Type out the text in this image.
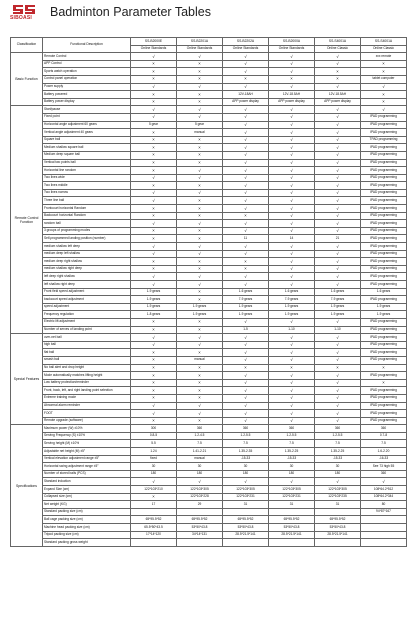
SIBOASI Badminton Parameter Tables
Classification	Functional Description	SS-B2000E	SS-B2201A	SS-B2202A	SS-B2000A	SS-S4001A	SS-S4001A
		Online Standards	Online Standards	Online Standards	Online Standards	Online Classic	Online Classic
Basic Function	Remote Control	√	√	√	√	√	xxx remote
	APP Control	×	×	√	√	√	×
	Sports watch operation	×	×	√	√	×	×
	Control panel operation	×	×	×	×	×	tablet computer
	Power supply	√	√	√	√	√	√
	Battery powered	×	×	12V-18AH	12V-18.5AH	12V-18.5AH	×
	Battery power display	×	×	APP power display	APP power display	APP power display	×
Remote Control Function	Start/pause	√	√	√	√	√	√
	Fixed point	√	√	√	√	√	IPAD programming
	Horizontal angle adjustment 60 gears	5 gear	5 gear	√	√	√	IPAD programming
	Vertical angle adjustment 40 gears	×	manual	√	√	√	IPAD programming
	Square ball	×	×	√	√	√	TPAD programming
	Medium shallow square ball	×	×	√	√	√	IPAD programming
	Medium deep square ball	×	×	√	√	√	IPAD programming
	Vertical two points ball	×	×	√	√	√	IPAD programming
	Horizontal line random	×	√	√	√	√	IPAD programming
	Two lines wide	√	√	√	√	√	IPAD programming
	Two lines middle	×	×	√	√	√	IPAD programming
	Two lines narrow	√	√	√	√	√	IPAD programming
	Three line ball	√	×	√	√	√	IPAD programming
	Frontcourt horizontal Random	×	×	√	√	√	IPAD programming
	Backcourt horizontal Random	×	×	×	√	√	IPAD programming
	random ball	√	√	√	√	√	IPAD programming
	3 groups of programming modes	×	×	√	√	√	IPAD programming
	Self-programmed landing position (number)	×	×	11	14	21	IPAD programming
	medium shallow left deep	√	√	√	√	√	IPAD programming
	medium deep left shallow	√	√	√	√	√	IPAD programming
	medium deep right shallow	×	×	×	√	√	IPAD programming
	medium shallow right deep	×	×	×	√	√	IPAD programming
	left deep right shallow	√	√	√	√	√	IPAD programming
	left shallow right deep	√	√	√	√	√	IPAD programming
	Front field speed adjustment	1-9 gears	×	1-6 gears	1-6 gears	1-6 gears	1-6 gears
	backcourt speed adjustment	1-9 gears	×	7-9 gears	7-9 gears	7-9 gears	IPAD programming
	speed adjustment	1-9 gears	1-9 gears	1-9 gears	1-9 gears	1-9 gears	1-9 gears
	Frequency regulation	1-8 gears	1-9 gears	1-9 gears	1-9 gears	1-9 gears	1-9 gears
	Electric lift adjustment	×	×	√	√	√	IPAD programming
	Number of serves of landing point	×	×	1-5	1-10	1-10	IPAD programming
Special Features	over-net ball	√	√	√	√	√	IPAD programming
	high ball	√	√	√	√	√	IPAD programming
	flat ball	×	×	√	√	√	IPAD programming
	smash ball	×	manual	√	√	√	IPAD programming
	No ball alert and drop height	×	×	×	×	×	×
	Mode automatically matches lifting height	×	×	√	√	√	IPAD programming
	Low battery protection/reminder	×	×	√	√	√	×
	Front, back, left, and right landing point selection	×	×	√	√	√	IPAD programming
	Extreme training mode	×	×	√	√	√	IPAD programming
	Abnormal alarm reminder	√	√	√	√	√	IPAD programming
	FOOT	√	√	√	√	√	IPAD programming
	Remote upgrade (software)	×	×	√	√	√	IPAD programming
Specifications	Maximum power (W) ±10%	300	360	360	360	360	360
	Serving Frequency (S) ±10%	0.8-5	1.2-4.5	1.2-5.5	1.2-5.5	1.2-5.5	0.7-8
	Serving height (M) ±10%	5.5	7.5	7.5	7.5	7.5	7.5
	Adjustable net height (M) ±5°	1.24	1.41-2.21	1.35-2.35	1.35-2.25	1.35-2.25	1.6-2.20
	Vertical elevation adjustment range ±5°	fixed	manual	-15-33	-15-33	-15-33	-16-33
	Horizontal swing adjustment range ±5°	30	30	30	30	30	See 73 high 55
	Number of stored balls (PCS)	180	180	180	180	180	360
	Standard induction	√	√	√	√	√	√
	Expand Size (cm)	122*103*210	122*103*305	122*103*305	122*103*305	122*103*305	108*64.2*512
	Collapsed size (cm)	×	122*103*228	122*103*231	122*103*231	122*103*235	108*64.2*344
	Net weight (KG)	17	29	31	31	31	80
	Standard packing size (cm)						94*87*167
	Ball cage packing size (cm)	65*95.5*52	65*95.5*52	65*95.5*52	65*95.5*52	65*95.5*52	
	Machine head packing size (cm)	65.5*50*43.5	53*50*43.8	53*50*43.8	53*50*43.8	53*50*43.8	
	Tripod packing size (cm)	17*14*120	34*14*131	28.5*21.5*141	28.5*21.5*141	28.5*21.5*141	
	Standard packing gross weight						
